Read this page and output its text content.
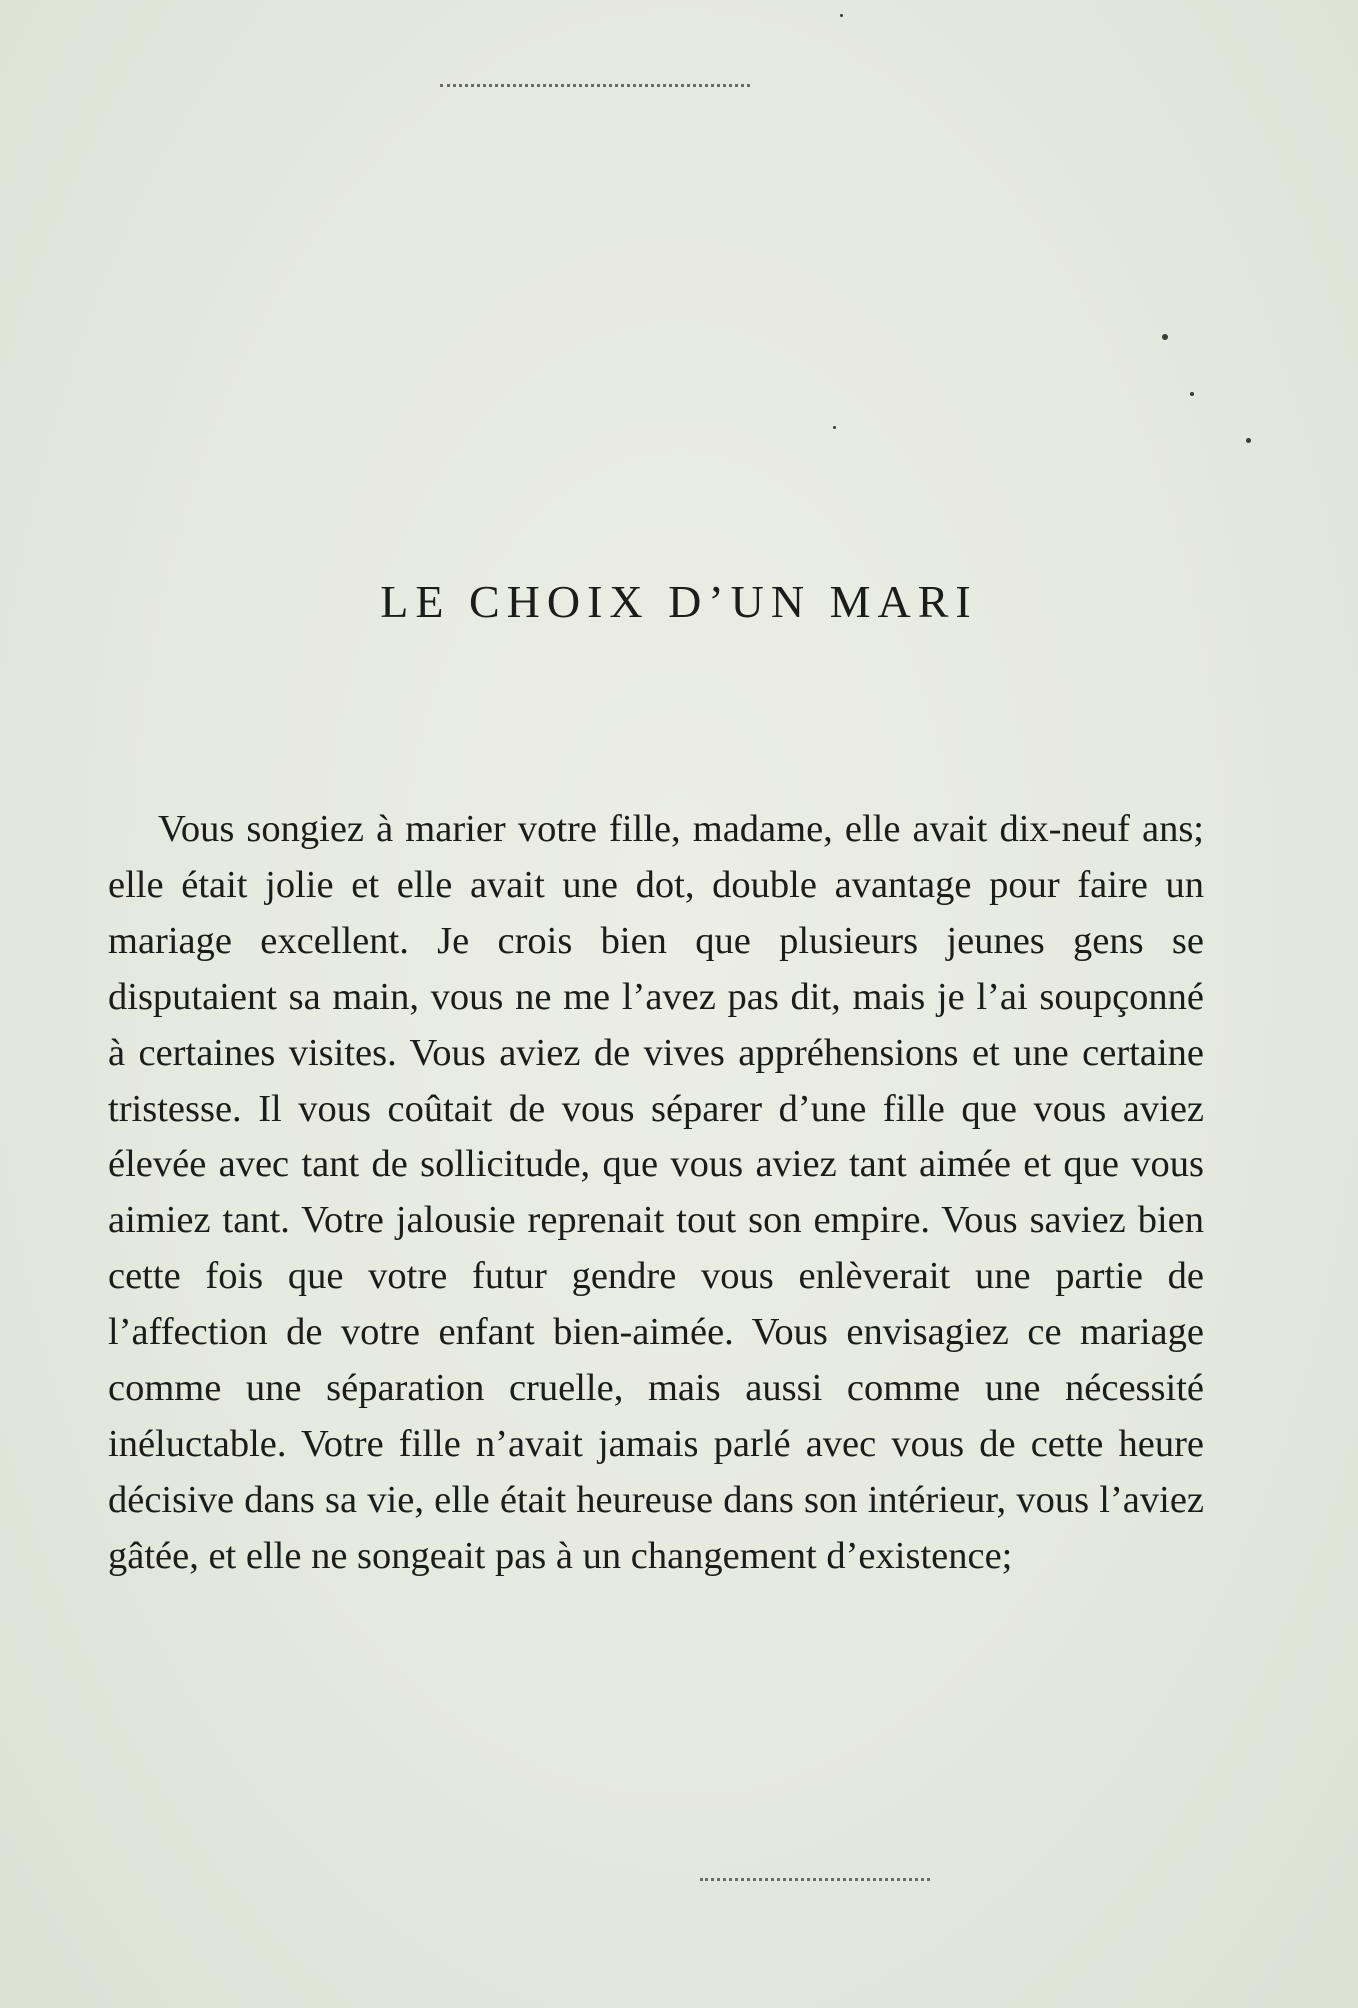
LE CHOIX D’UN MARI

Vous songiez à marier votre fille, madame, elle avait dix-neuf ans; elle était jolie et elle avait une dot, double avantage pour faire un mariage excellent. Je crois bien que plusieurs jeunes gens se disputaient sa main, vous ne me l’avez pas dit, mais je l’ai soupçonné à certaines visites. Vous aviez de vives appréhensions et une certaine tristesse. Il vous coûtait de vous séparer d’une fille que vous aviez élevée avec tant de sollicitude, que vous aviez tant aimée et que vous aimiez tant. Votre jalousie reprenait tout son empire. Vous saviez bien cette fois que votre futur gendre vous enlèverait une partie de l’affection de votre enfant bien-aimée. Vous envisagiez ce mariage comme une séparation cruelle, mais aussi comme une nécessité inéluctable. Votre fille n’avait jamais parlé avec vous de cette heure décisive dans sa vie, elle était heureuse dans son intérieur, vous l’aviez gâtée, et elle ne songeait pas à un changement d’existence;
